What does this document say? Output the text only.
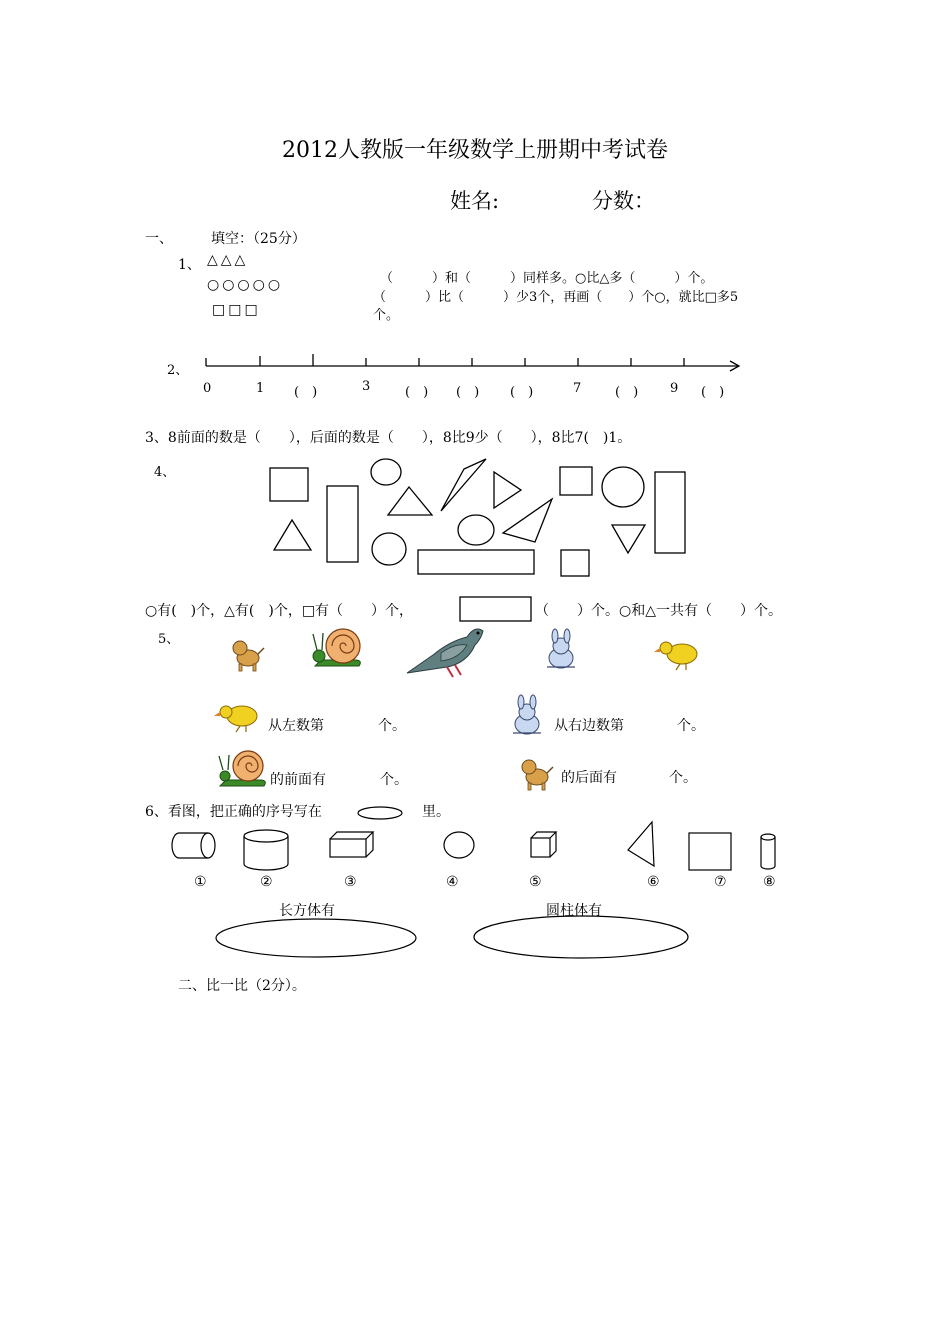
2012人教版一年级数学上册期中考试卷
姓名:	分数：
一、	填空：（25分）
1、 △△△
○○○○○
□□□
（　　　）和（　　　）同样多。○比△多（　　　）个。
（　　　）比（　　　）少3个，再画（　　）个○，就比□多5
个。
2、
0	1 (　)	3	(　) (　) (　)	7	(　) 9 (　)
3、8前面的数是（　　），后面的数是（　　），8比9少（　　），8比7(　)1。
4、
○有(　)个，△有(　)个，□有（　　）个，	（　　）个。○和△一共有（　　）个。
5、
从左数第	个。	从右边数第	个。
的前面有	个。	的后面有	个。
6、看图，把正确的序号写在	里。
①	②	③	④	⑤	⑥	⑦	⑧
长方体有	圆柱体有
二、比一比（2分）。
